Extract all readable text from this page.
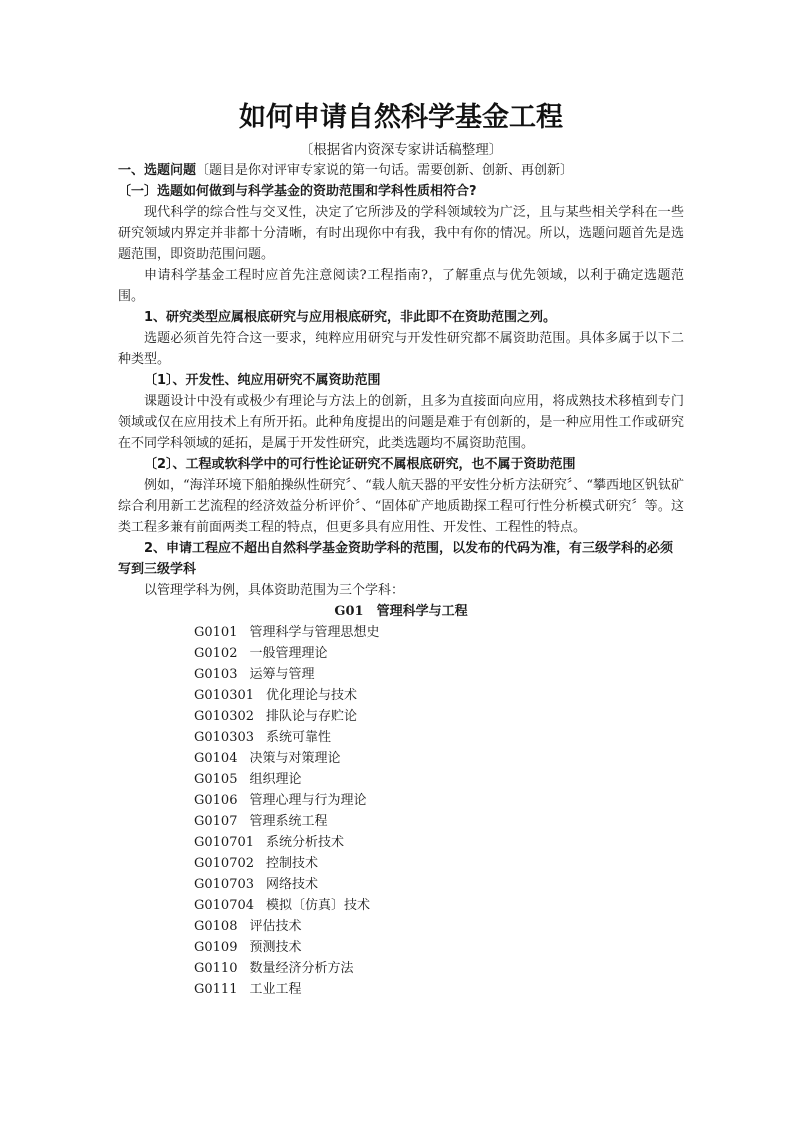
如何申请自然科学基金工程

〔根据省内资深专家讲话稿整理〕

一、选题问题〔题目是你对评审专家说的第一句话。需要创新、创新、再创新〕

〔一〕选题如何做到与科学基金的资助范围和学科性质相符合?

现代科学的综合性与交叉性，决定了它所涉及的学科领域较为广泛，且与某些相关学科在一些研究领域内界定并非都十分清晰，有时出现你中有我，我中有你的情况。所以，选题问题首先是选题范围，即资助范围问题。

申请科学基金工程时应首先注意阅读?工程指南?，了解重点与优先领域，以利于确定选题范围。

1、研究类型应属根底研究与应用根底研究，非此即不在资助范围之列。

选题必须首先符合这一要求，纯粹应用研究与开发性研究都不属资助范围。具体多属于以下二种类型。

〔1〕、开发性、纯应用研究不属资助范围

课题设计中没有或极少有理论与方法上的创新，且多为直接面向应用，将成熟技术移植到专门领域或仅在应用技术上有所开拓。此种角度提出的问题是难于有创新的，是一种应用性工作或研究在不同学科领域的延拓，是属于开发性研究，此类选题均不属资助范围。

〔2〕、工程或软科学中的可行性论证研究不属根底研究，也不属于资助范围

例如，“海洋环境下船舶操纵性研究〞、“载人航天器的平安性分析方法研究〞、“攀西地区钒钛矿综合利用新工艺流程的经济效益分析评价〞、“固体矿产地质勘探工程可行性分析模式研究〞等。这类工程多兼有前面两类工程的特点，但更多具有应用性、开发性、工程性的特点。

2、申请工程应不超出自然科学基金资助学科的范围，以发布的代码为准，有三级学科的必须写到三级学科

以管理学科为例，具体资助范围为三个学科：

G01　管理科学与工程

G0101 管理科学与管理思想史
G0102 一般管理理论
G0103 运筹与管理
G010301 优化理论与技术
G010302 排队论与存贮论
G010303 系统可靠性
G0104 决策与对策理论
G0105 组织理论
G0106 管理心理与行为理论
G0107 管理系统工程
G010701 系统分析技术
G010702 控制技术
G010703 网络技术
G010704 模拟〔仿真〕技术
G0108 评估技术
G0109 预测技术
G0110 数量经济分析方法
G0111 工业工程
